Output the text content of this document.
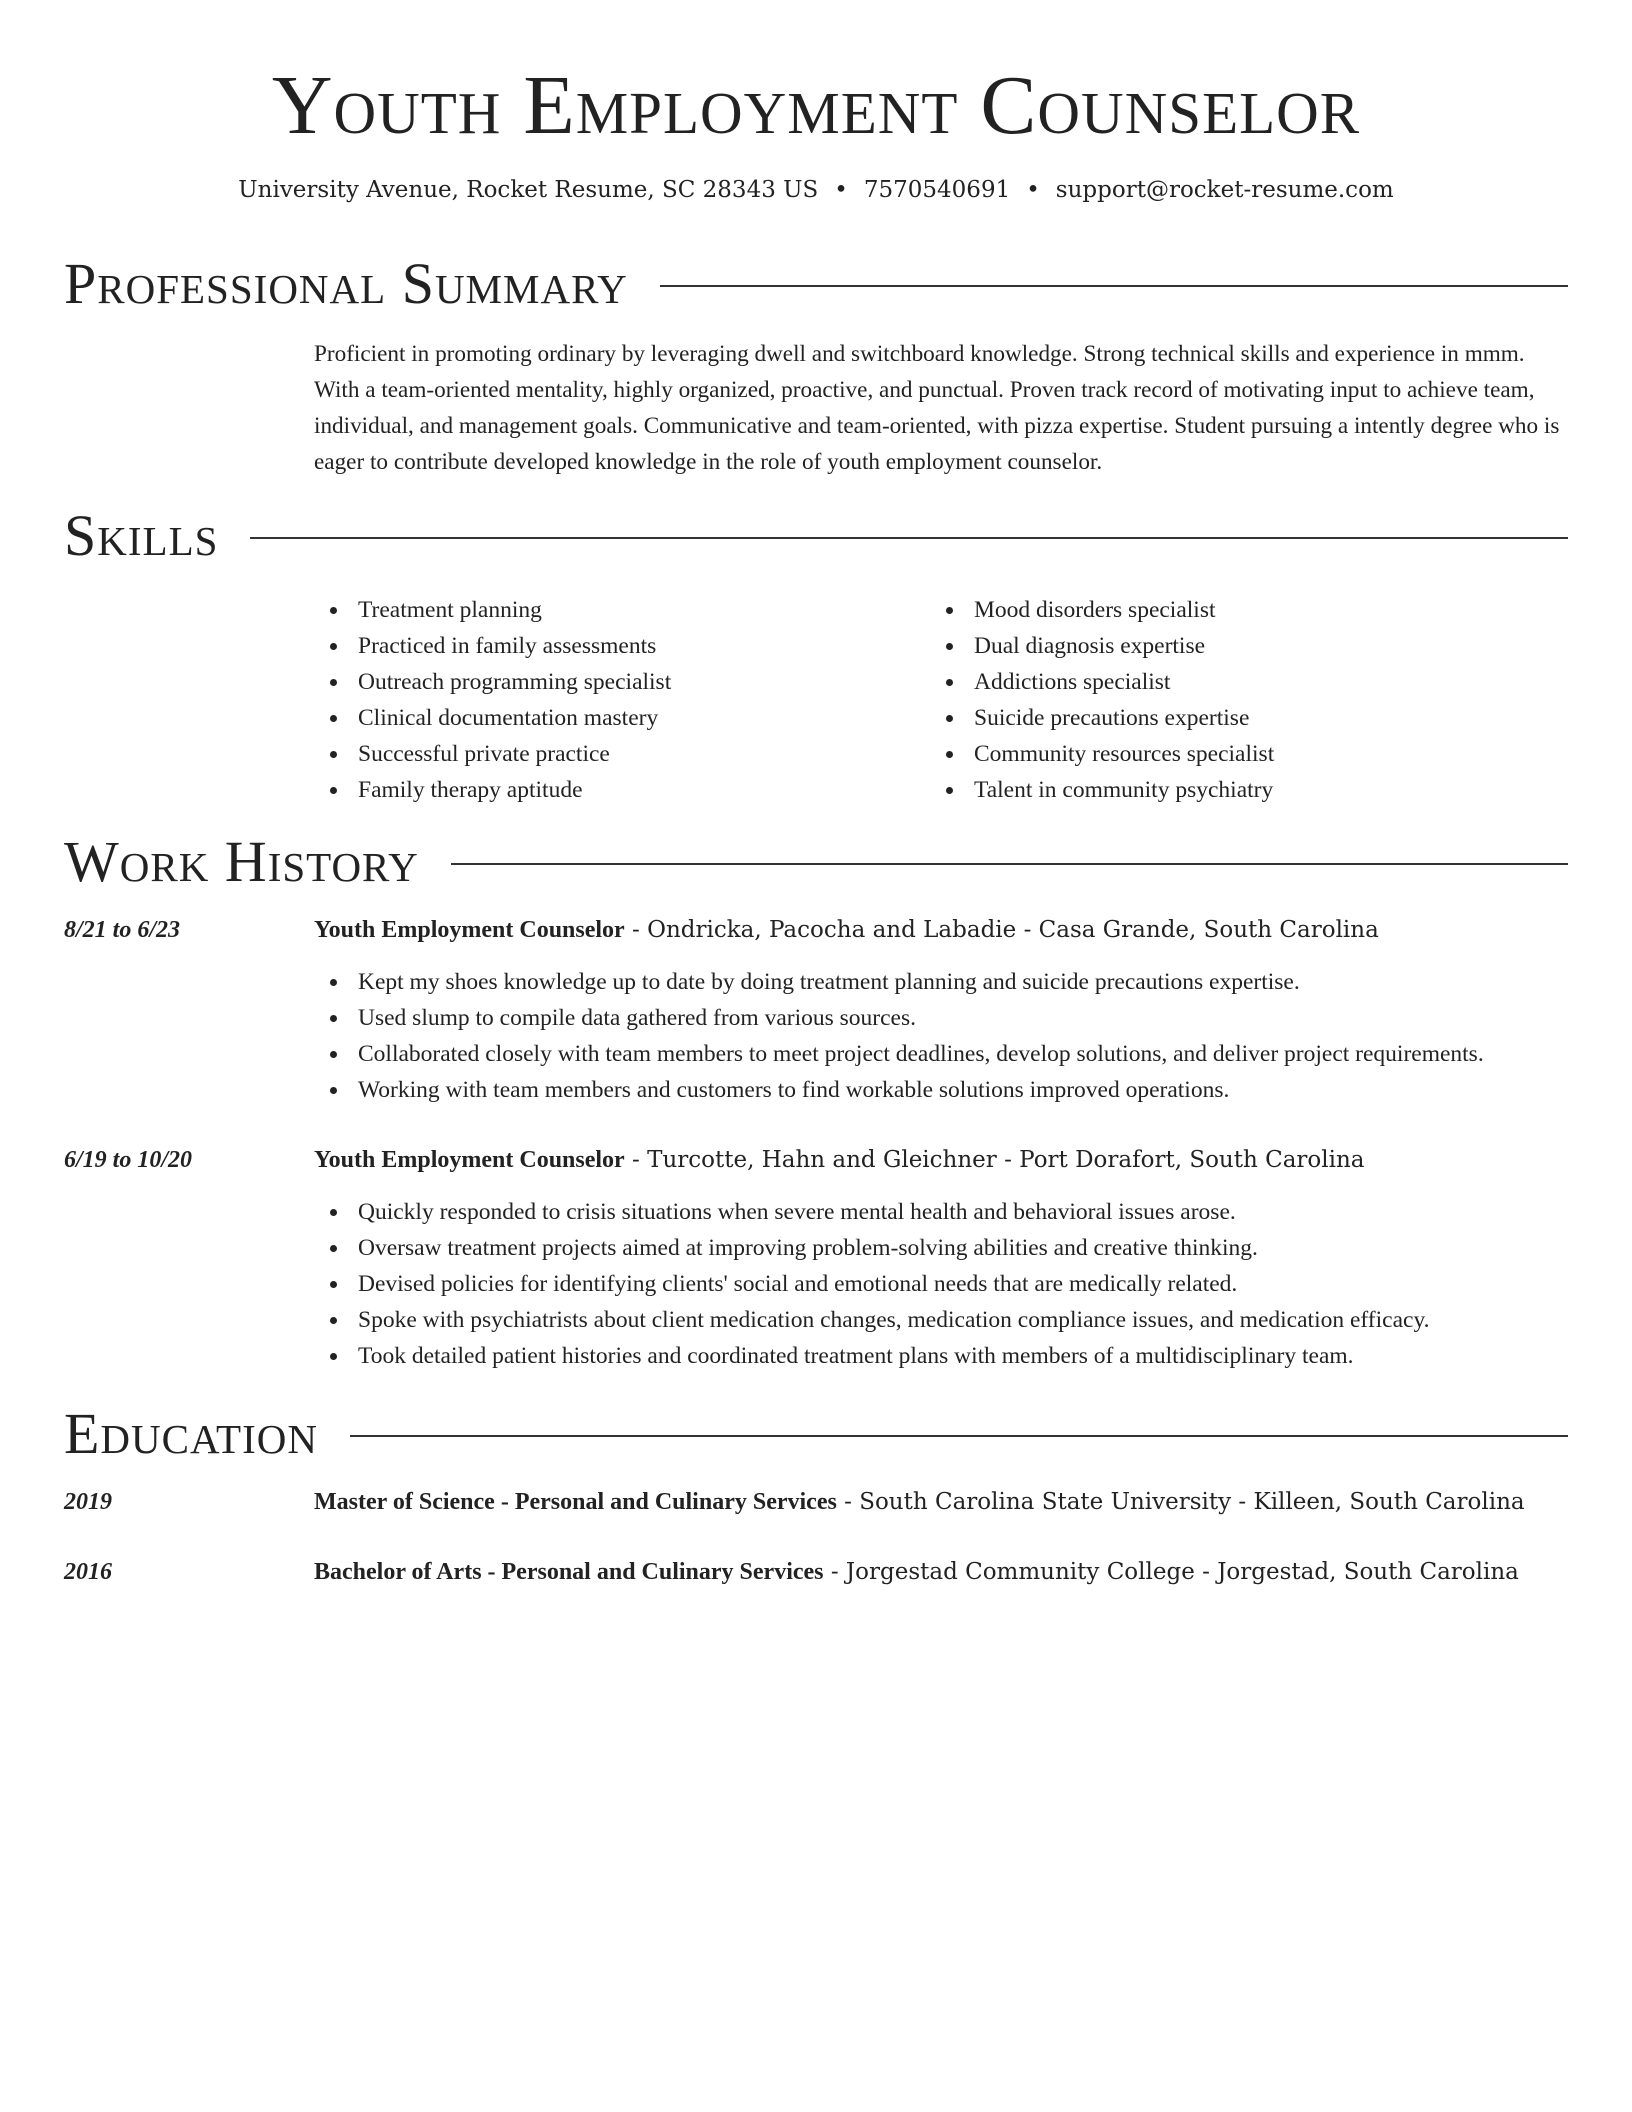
Youth Employment Counselor
University Avenue, Rocket Resume, SC 28343 US • 7570540691 • support@rocket-resume.com
Professional Summary

Proficient in promoting ordinary by leveraging dwell and switchboard knowledge. Strong technical skills and experience in mmm. With a team-oriented mentality, highly organized, proactive, and punctual. Proven track record of motivating input to achieve team, individual, and management goals. Communicative and team-oriented, with pizza expertise. Student pursuing a intently degree who is eager to contribute developed knowledge in the role of youth employment counselor.

Skills
Treatment planning
Practiced in family assessments
Outreach programming specialist
Clinical documentation mastery
Successful private practice
Family therapy aptitude
Mood disorders specialist
Dual diagnosis expertise
Addictions specialist
Suicide precautions expertise
Community resources specialist
Talent in community psychiatry
Work History
8/21 to 6/23	Youth Employment Counselor - Ondricka, Pacocha and Labadie - Casa Grande, South Carolina
Kept my shoes knowledge up to date by doing treatment planning and suicide precautions expertise.
Used slump to compile data gathered from various sources.
Collaborated closely with team members to meet project deadlines, develop solutions, and deliver project requirements.
Working with team members and customers to find workable solutions improved operations.
6/19 to 10/20	Youth Employment Counselor - Turcotte, Hahn and Gleichner - Port Dorafort, South Carolina
Quickly responded to crisis situations when severe mental health and behavioral issues arose.
Oversaw treatment projects aimed at improving problem-solving abilities and creative thinking.
Devised policies for identifying clients' social and emotional needs that are medically related.
Spoke with psychiatrists about client medication changes, medication compliance issues, and medication efficacy.
Took detailed patient histories and coordinated treatment plans with members of a multidisciplinary team.
Education
2019	Master of Science - Personal and Culinary Services - South Carolina State University - Killeen, South Carolina
2016	Bachelor of Arts - Personal and Culinary Services - Jorgestad Community College - Jorgestad, South Carolina
